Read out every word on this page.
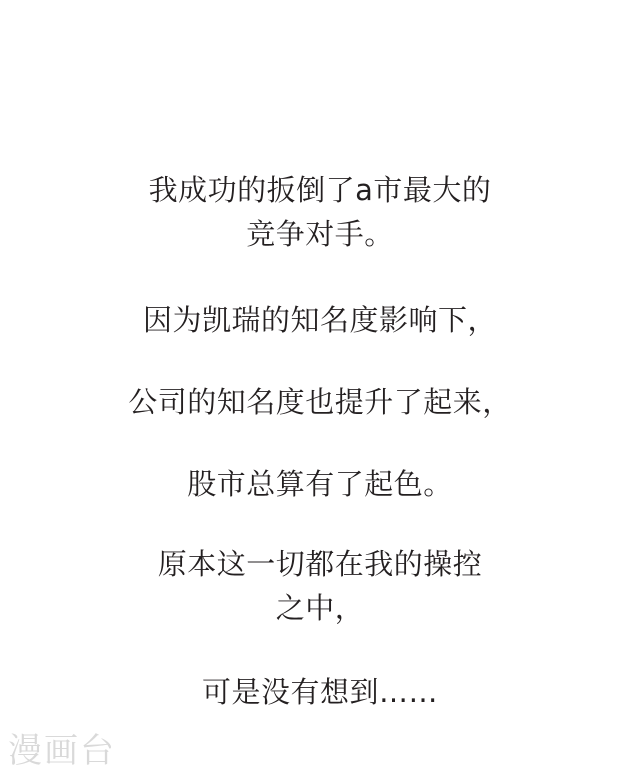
我成功的扳倒了a市最大的
竞争对手。

因为凯瑞的知名度影响下，

公司的知名度也提升了起来，

股市总算有了起色。

原本这一切都在我的操控
之中，

可是没有想到……

漫画台
